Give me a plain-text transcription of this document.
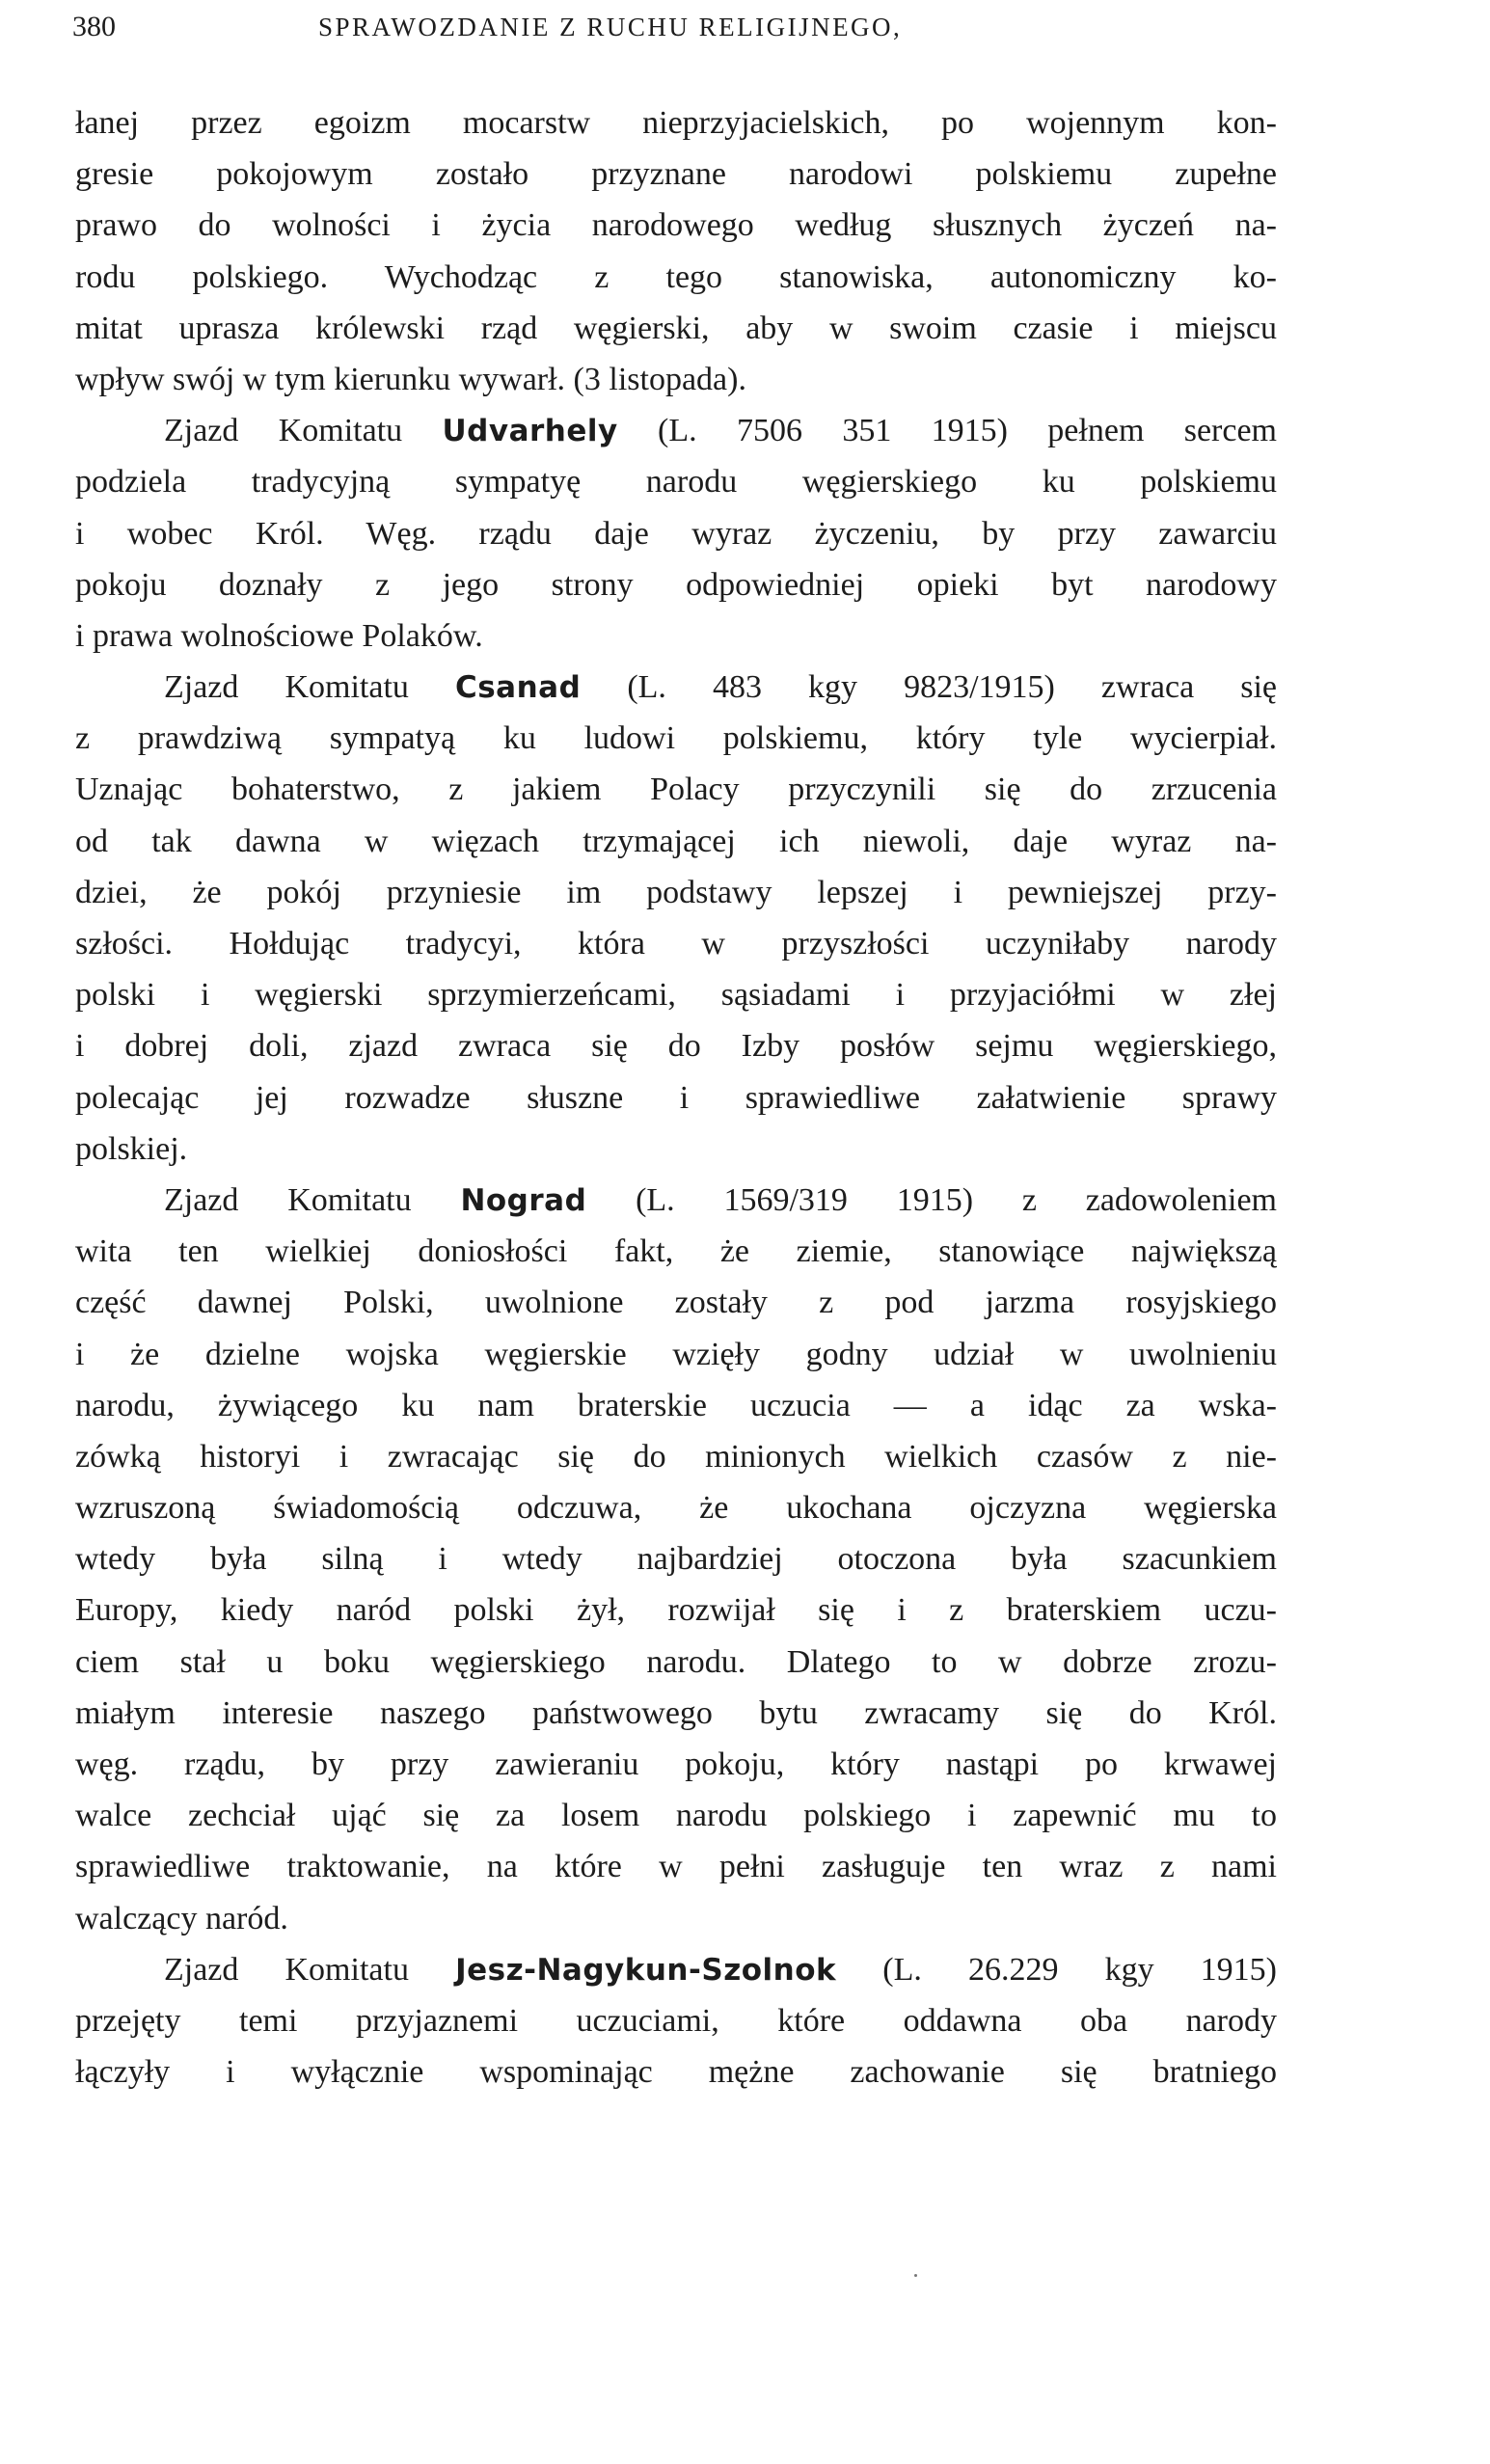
380	SPRAWOZDANIE Z RUCHU RELIGIJNEGO,
łanej przez egoizm mocarstw nieprzyjacielskich, po wojennym kon-
gresie pokojowym zostało przyznane narodowi polskiemu zupełne
prawo do wolności i życia narodowego według słusznych życzeń na-
rodu polskiego. Wychodząc z tego stanowiska, autonomiczny ko-
mitat uprasza królewski rząd węgierski, aby w swoim czasie i miejscu
wpływ swój w tym kierunku wywarł. (3 listopada).
Zjazd Komitatu Udvarhely (L. 7506 351 1915) pełnem sercem
podziela tradycyjną sympatyę narodu węgierskiego ku polskiemu
i wobec Król. Węg. rządu daje wyraz życzeniu, by przy zawarciu
pokoju doznały z jego strony odpowiedniej opieki byt narodowy
i prawa wolnościowe Polaków.
Zjazd Komitatu Csanad (L. 483 kgy 9823/1915) zwraca się
z prawdziwą sympatyą ku ludowi polskiemu, który tyle wycierpiał.
Uznając bohaterstwo, z jakiem Polacy przyczynili się do zrzucenia
od tak dawna w więzach trzymającej ich niewoli, daje wyraz na-
dziei, że pokój przyniesie im podstawy lepszej i pewniejszej przy-
szłości. Hołdując tradycyi, która w przyszłości uczyniłaby narody
polski i węgierski sprzymierzeńcami, sąsiadami i przyjaciółmi w złej
i dobrej doli, zjazd zwraca się do Izby posłów sejmu węgierskiego,
polecając jej rozwadze słuszne i sprawiedliwe załatwienie sprawy
polskiej.
Zjazd Komitatu Nograd (L. 1569/319 1915) z zadowoleniem
wita ten wielkiej doniosłości fakt, że ziemie, stanowiące największą
część dawnej Polski, uwolnione zostały z pod jarzma rosyjskiego
i że dzielne wojska węgierskie wzięły godny udział w uwolnieniu
narodu, żywiącego ku nam braterskie uczucia — a idąc za wska-
zówką historyi i zwracając się do minionych wielkich czasów z nie-
wzruszoną świadomością odczuwa, że ukochana ojczyzna węgierska
wtedy była silną i wtedy najbardziej otoczona była szacunkiem
Europy, kiedy naród polski żył, rozwijał się i z braterskiem uczu-
ciem stał u boku węgierskiego narodu. Dlatego to w dobrze zrozu-
miałym interesie naszego państwowego bytu zwracamy się do Król.
węg. rządu, by przy zawieraniu pokoju, który nastąpi po krwawej
walce zechciał ująć się za losem narodu polskiego i zapewnić mu to
sprawiedliwe traktowanie, na które w pełni zasługuje ten wraz z nami
walczący naród.
Zjazd Komitatu Jesz-Nagykun-Szolnok (L. 26.229 kgy 1915)
przejęty temi przyjaznemi uczuciami, które oddawna oba narody
łączyły i wyłącznie wspominając mężne zachowanie się bratniego
